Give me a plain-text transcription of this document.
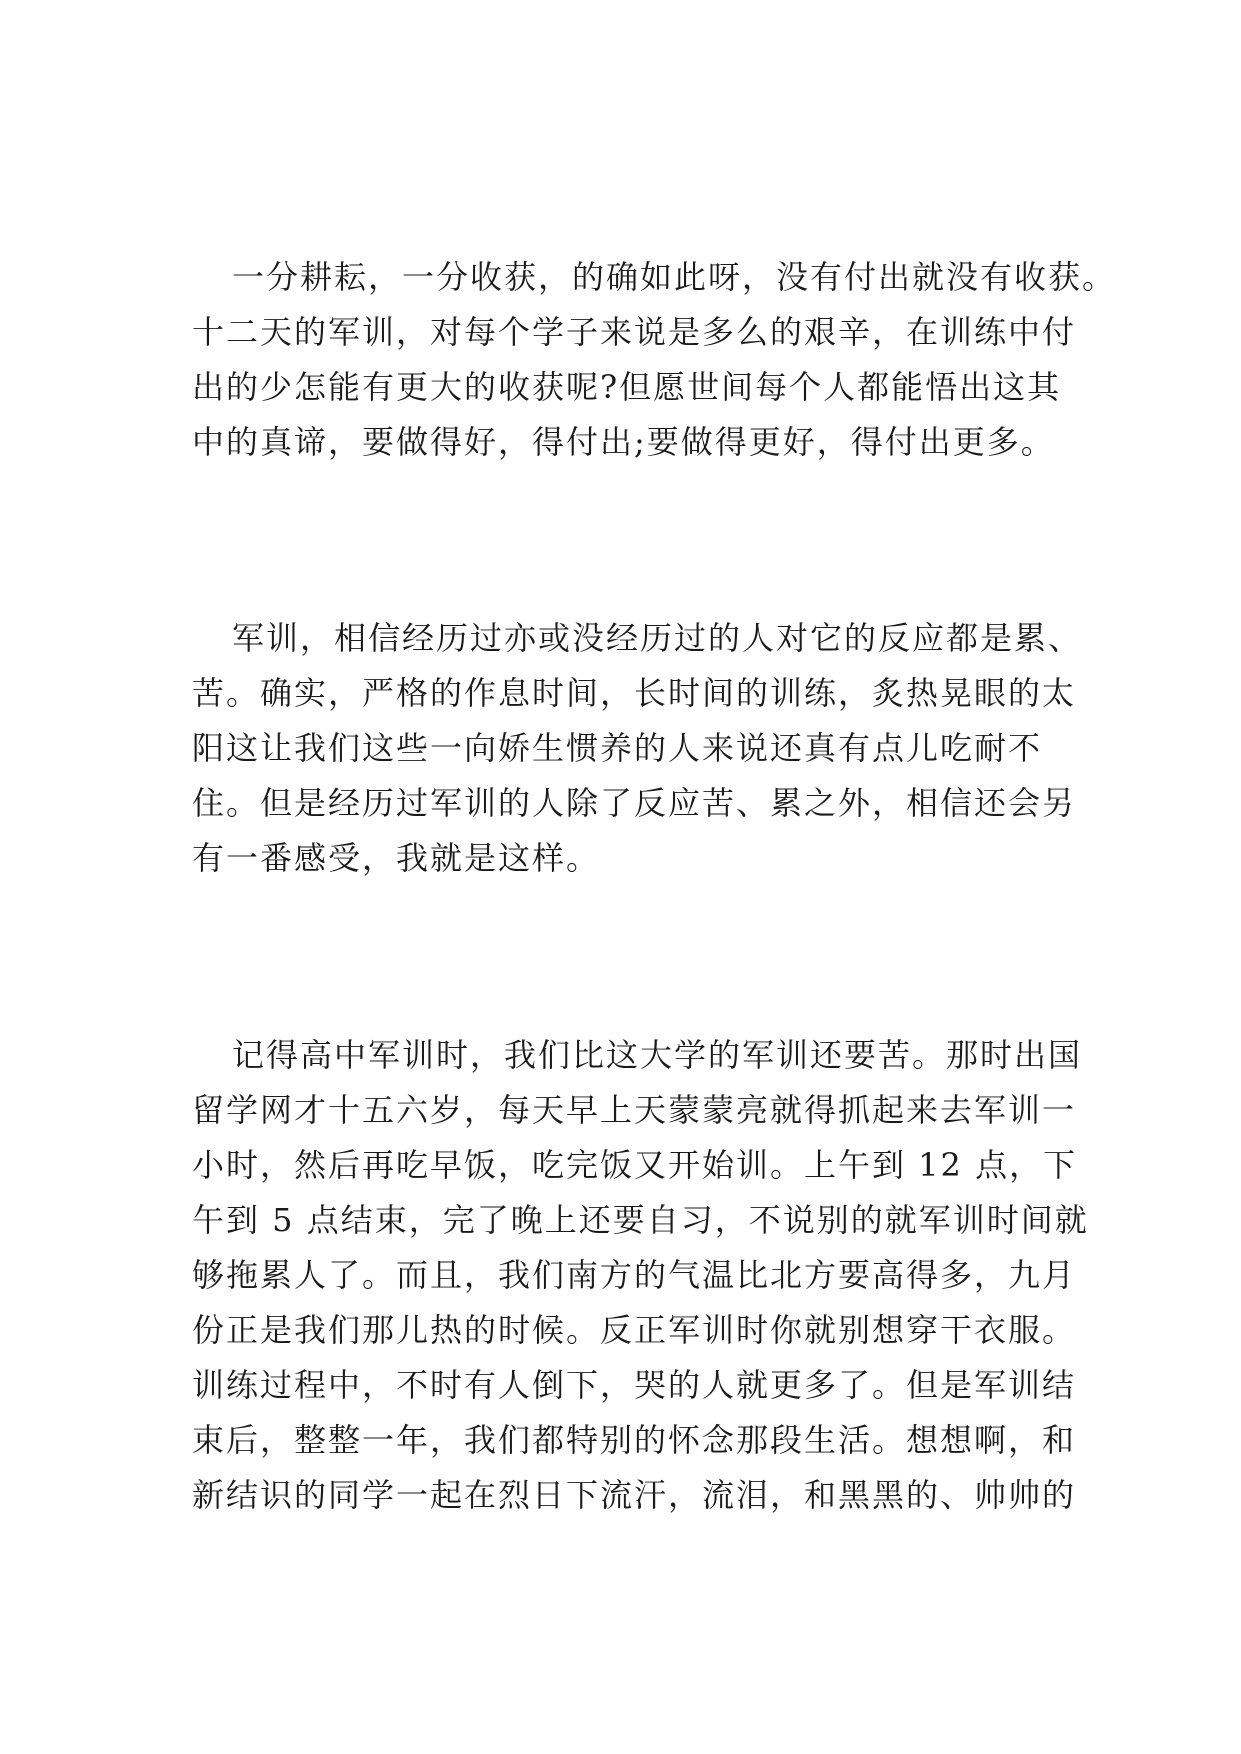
一分耕耘，一分收获，的确如此呀，没有付出就没有收获。
十二天的军训，对每个学子来说是多么的艰辛，在训练中付
出的少怎能有更大的收获呢?但愿世间每个人都能悟出这其
中的真谛，要做得好，得付出;要做得更好，得付出更多。
军训，相信经历过亦或没经历过的人对它的反应都是累、
苦。确实，严格的作息时间，长时间的训练，炙热晃眼的太
阳这让我们这些一向娇生惯养的人来说还真有点儿吃耐不
住。但是经历过军训的人除了反应苦、累之外，相信还会另
有一番感受，我就是这样。
记得高中军训时，我们比这大学的军训还要苦。那时出国
留学网才十五六岁，每天早上天蒙蒙亮就得抓起来去军训一
小时，然后再吃早饭，吃完饭又开始训。上午到 12 点，下
午到 5 点结束，完了晚上还要自习，不说别的就军训时间就
够拖累人了。而且，我们南方的气温比北方要高得多，九月
份正是我们那儿热的时候。反正军训时你就别想穿干衣服。
训练过程中，不时有人倒下，哭的人就更多了。但是军训结
束后，整整一年，我们都特别的怀念那段生活。想想啊，和
新结识的同学一起在烈日下流汗，流泪，和黑黑的、帅帅的
